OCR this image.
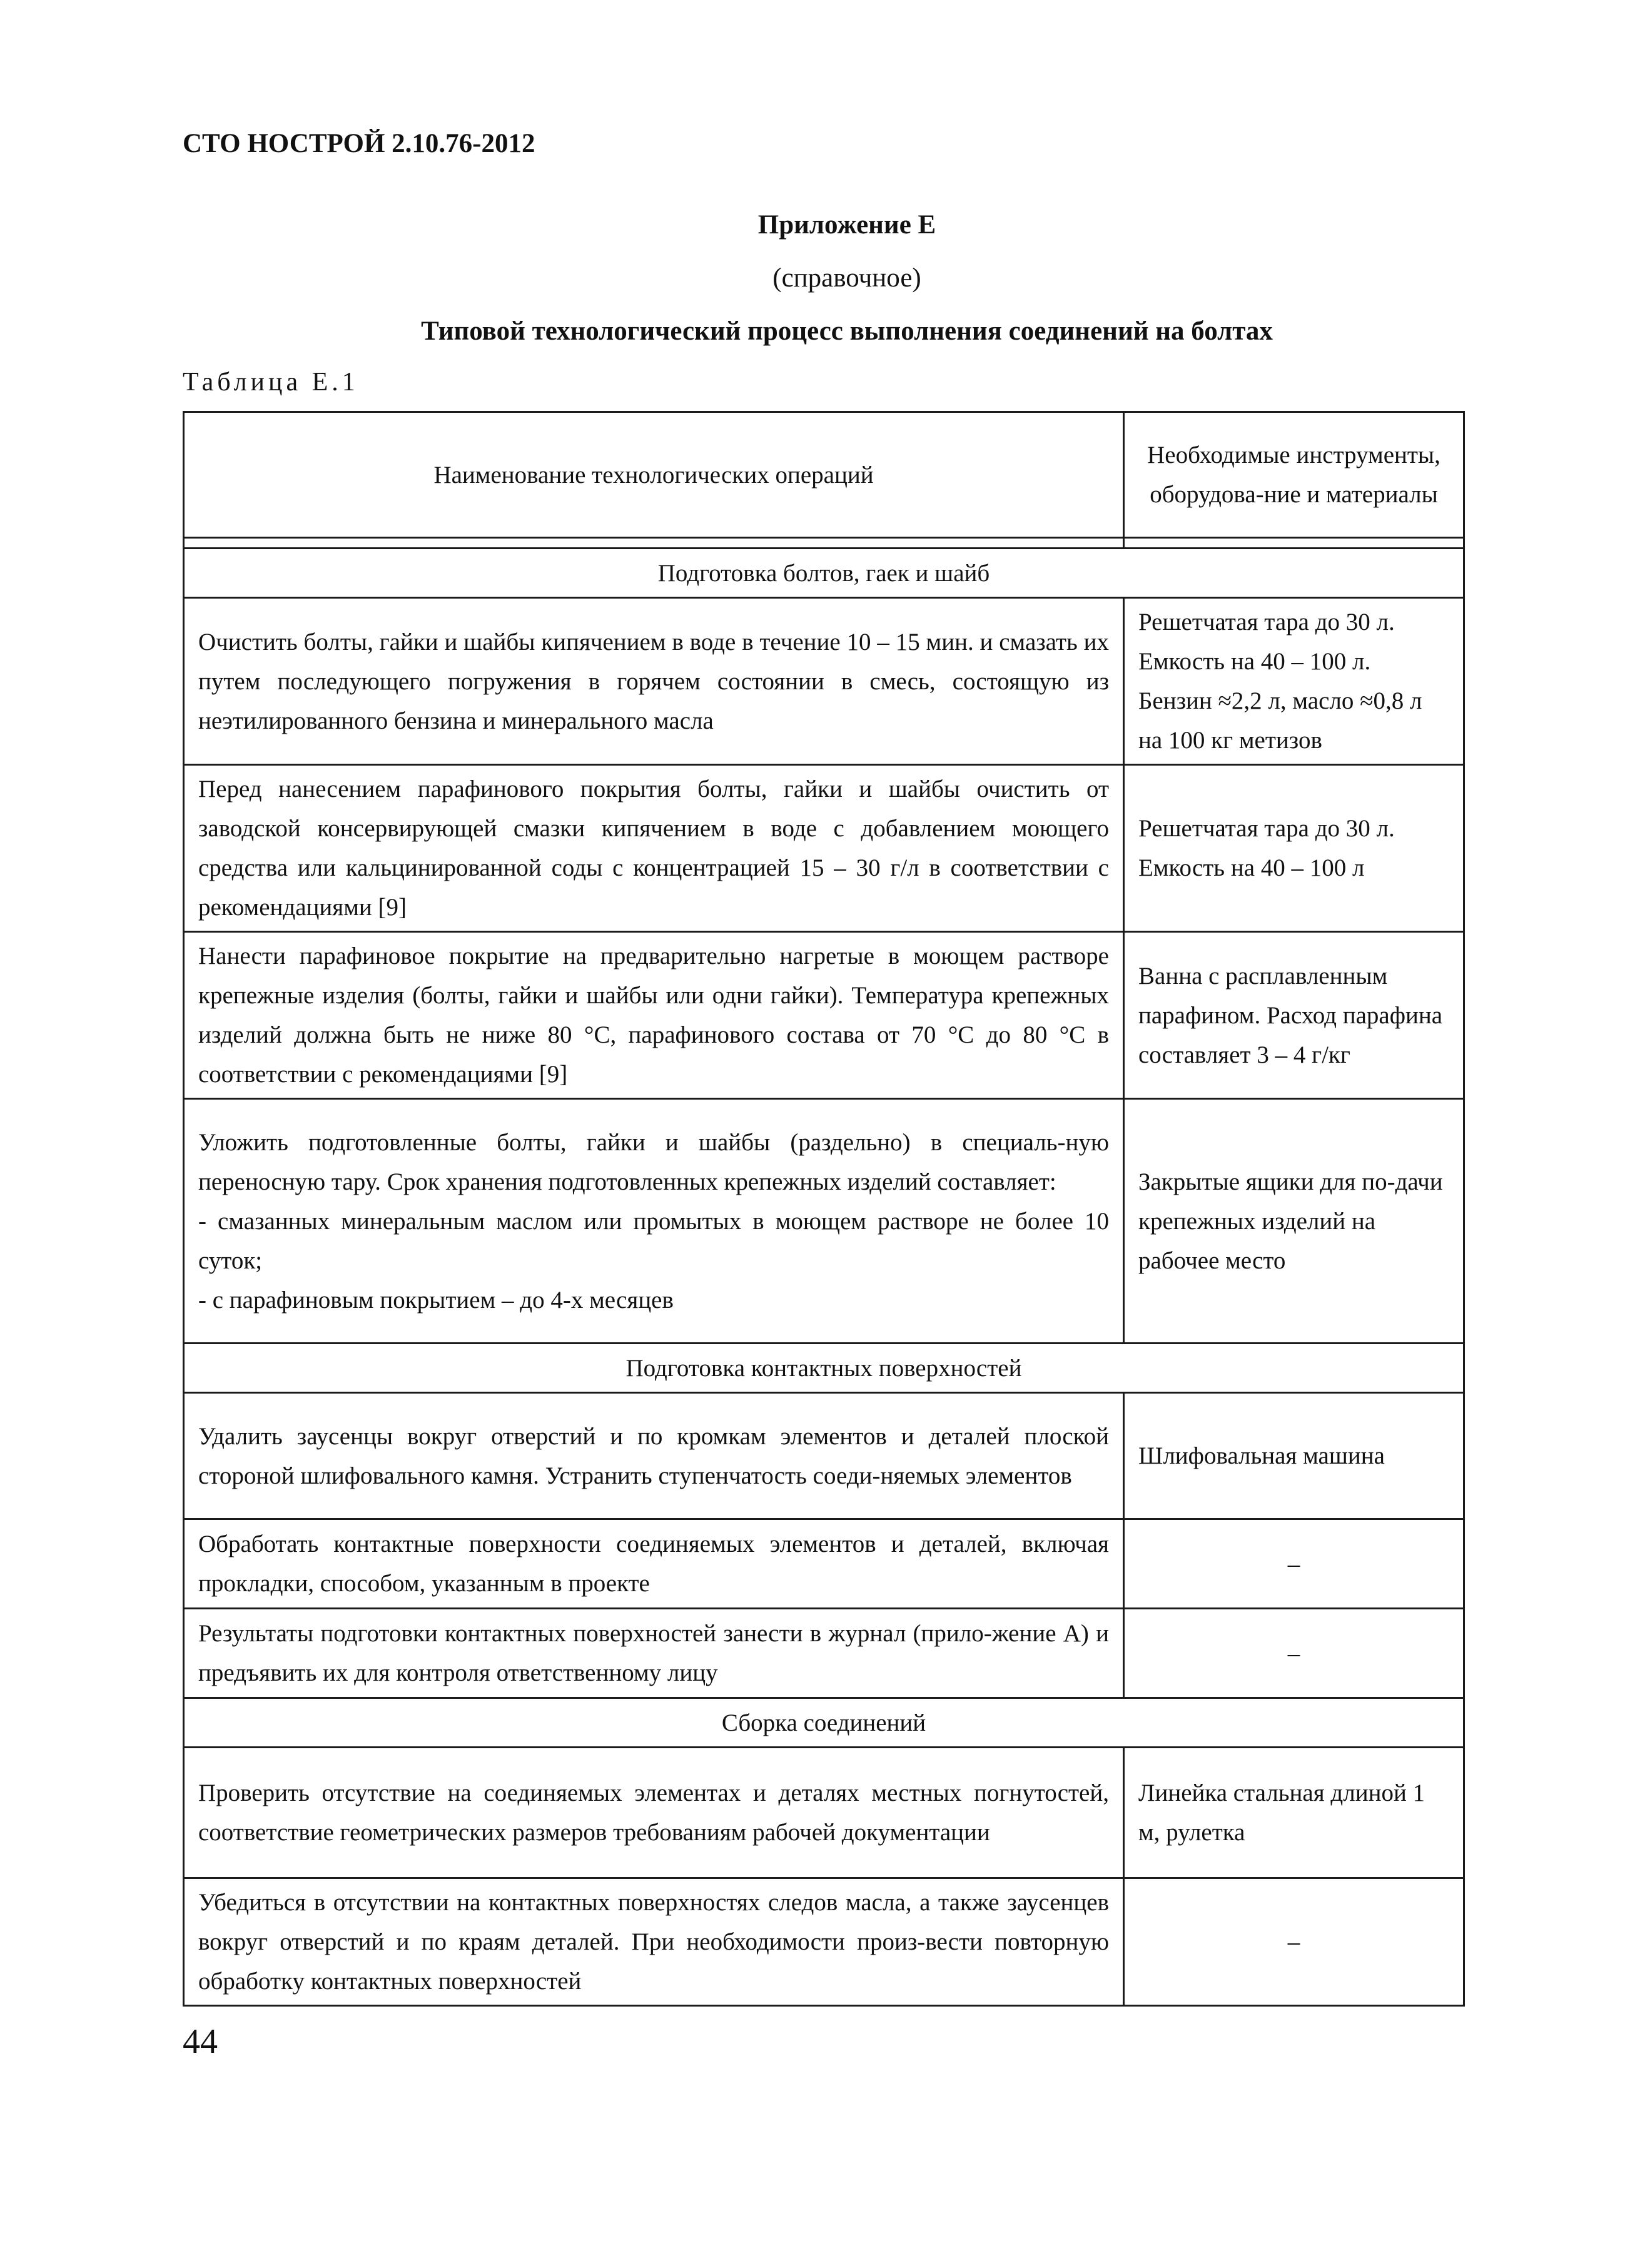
СТО НОСТРОЙ 2.10.76-2012
Приложение Е
(справочное)
Типовой технологический процесс выполнения соединений на болтах
Таблица Е.1
Наименование технологических операций	Необходимые инструменты, оборудова-ние и материалы

Подготовка болтов, гаек и шайб	

Очистить болты, гайки и шайбы кипячением в воде в течение 10 – 15 мин. и смазать их путем последующего погружения в горячем состоянии в смесь, состоящую из неэтилированного бензина и минерального масла	Решетчатая тара до 30 л. Емкость на 40 – 100 л. Бензин ≈2,2 л, масло ≈0,8 л на 100 кг метизов

Перед нанесением парафинового покрытия болты, гайки и шайбы очистить от заводской консервирующей смазки кипячением в воде с добавлением моющего средства или кальцинированной соды с концентрацией 15 – 30 г/л в соответствии с рекомендациями [9]	Решетчатая тара до 30 л. Емкость на 40 – 100 л

Нанести парафиновое покрытие на предварительно нагретые в моющем растворе крепежные изделия (болты, гайки и шайбы или одни гайки). Температура крепежных изделий должна быть не ниже 80 °С, парафинового состава от 70 °С до 80 °С в соответствии с рекомендациями [9]	Ванна с расплавленным парафином. Расход парафина составляет 3 – 4 г/кг

Уложить подготовленные болты, гайки и шайбы (раздельно) в специаль-ную переносную тару. Срок хранения подготовленных крепежных изделий составляет:
- смазанных минеральным маслом или промытых в моющем растворе не более 10 суток;
- с парафиновым покрытием – до 4-х месяцев	Закрытые ящики для по-дачи крепежных изделий на рабочее место

Подготовка контактных поверхностей	

Удалить заусенцы вокруг отверстий и по кромкам элементов и деталей плоской стороной шлифовального камня. Устранить ступенчатость соеди-няемых элементов	Шлифовальная машина

Обработать контактные поверхности соединяемых элементов и деталей, включая прокладки, способом, указанным в проекте	–

Результаты подготовки контактных поверхностей занести в журнал (прило-жение А) и предъявить их для контроля ответственному лицу	–

Сборка соединений	

Проверить отсутствие на соединяемых элементах и деталях местных погнутостей, соответствие геометрических размеров требованиям рабочей документации	Линейка стальная длиной 1 м, рулетка

Убедиться в отсутствии на контактных поверхностях следов масла, а также заусенцев вокруг отверстий и по краям деталей. При необходимости произ-вести повторную обработку контактных поверхностей	–
44
